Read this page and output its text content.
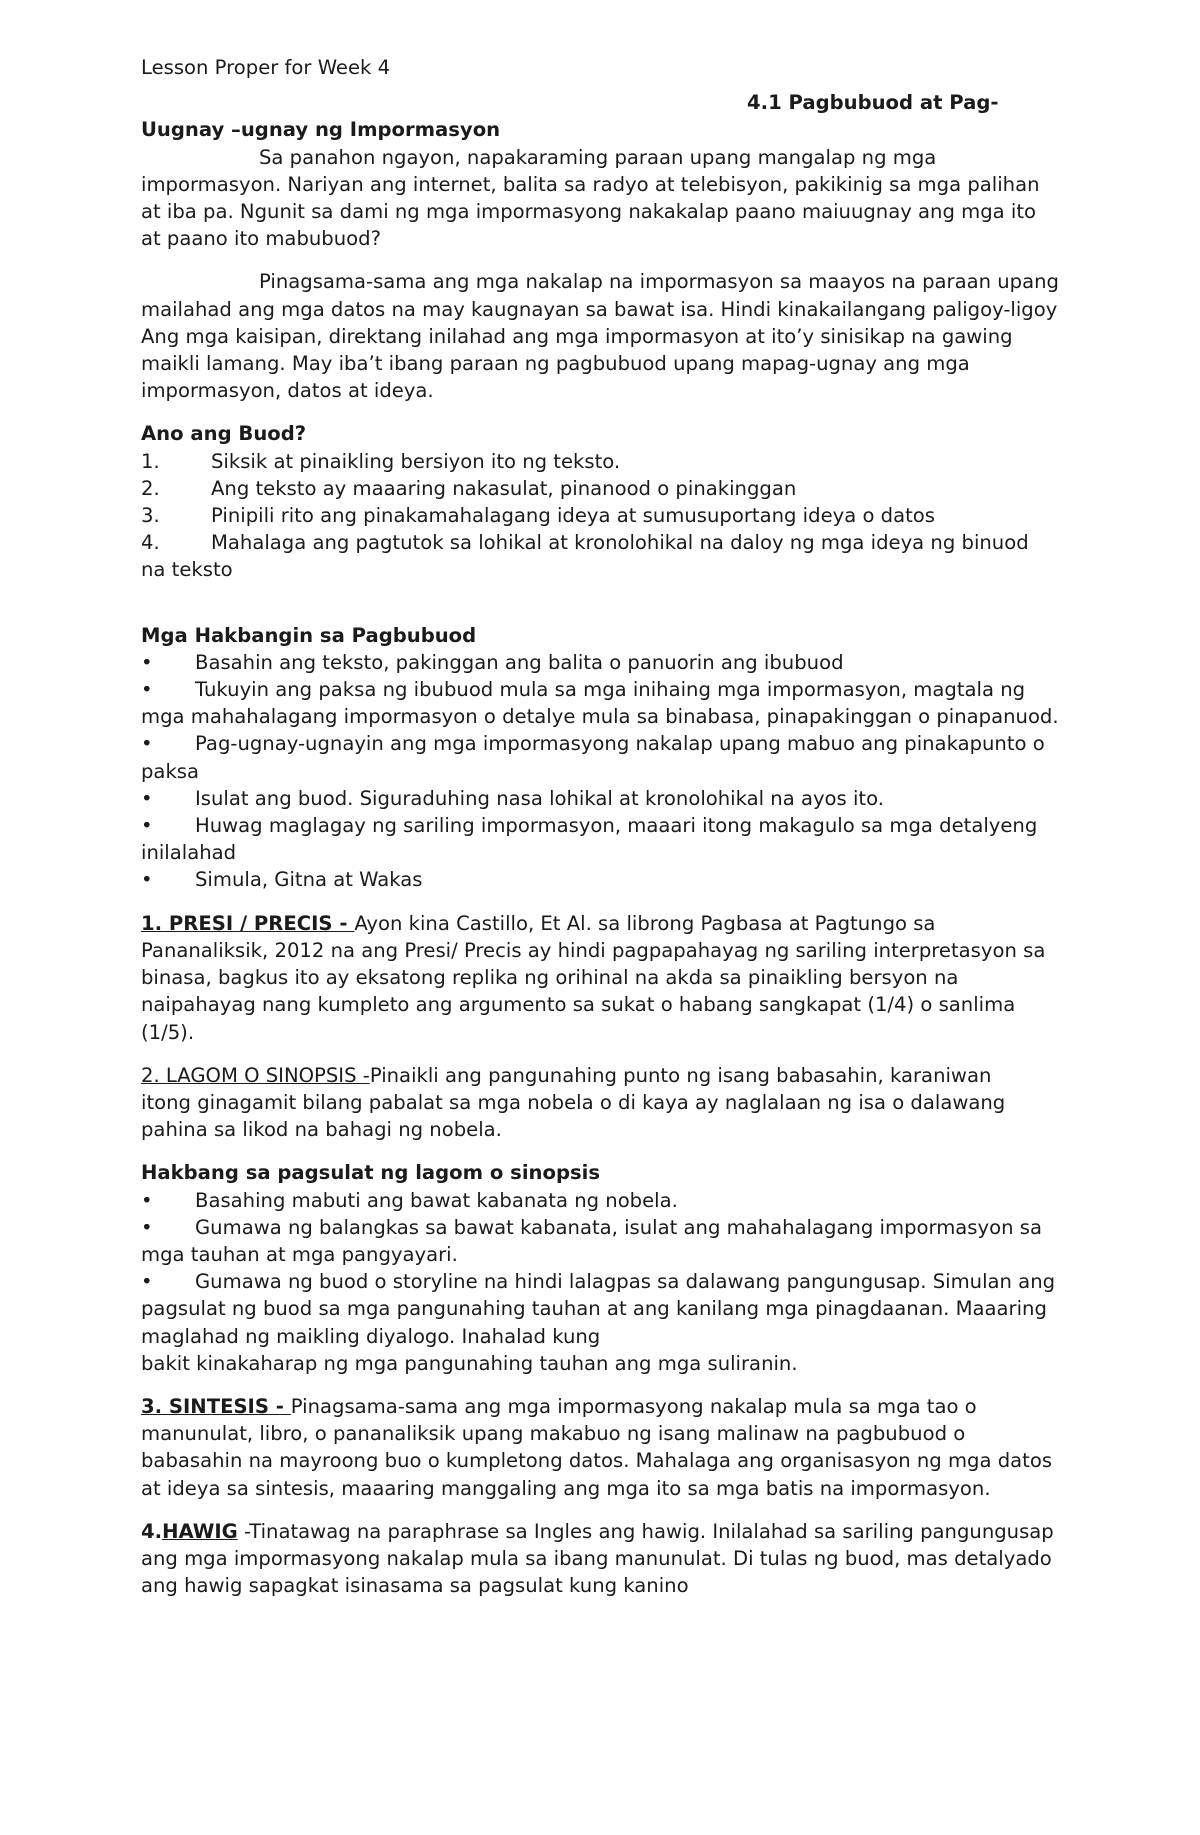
Lesson Proper for Week 4

4.1 Pagbubuod at Pag-

Uugnay –ugnay ng Impormasyon

Sa panahon ngayon, napakaraming paraan upang mangalap ng mga impormasyon. Nariyan ang internet, balita sa radyo at telebisyon, pakikinig sa mga palihan at iba pa. Ngunit sa dami ng mga impormasyong nakakalap paano maiuugnay ang mga ito at paano ito mabubuod?

Pinagsama-sama ang mga nakalap na impormasyon sa maayos na paraan upang mailahad ang mga datos na may kaugnayan sa bawat isa. Hindi kinakailangang paligoy-ligoy Ang mga kaisipan, direktang inilahad ang mga impormasyon at ito’y sinisikap na gawing maikli lamang. May iba’t ibang paraan ng pagbubuod upang mapag-ugnay ang mga impormasyon, datos at ideya.

Ano ang Buod?

1.	Siksik at pinaikling bersiyon ito ng teksto.

2.	Ang teksto ay maaaring nakasulat, pinanood o pinakinggan

3.	Pinipili rito ang pinakamahalagang ideya at sumusuportang ideya o datos

4.	Mahalaga ang pagtutok sa lohikal at kronolohikal na daloy ng mga ideya ng binuod na teksto

Mga Hakbangin sa Pagbubuod

• Basahin ang teksto, pakinggan ang balita o panuorin ang ibubuod

• Tukuyin ang paksa ng ibubuod mula sa mga inihaing mga impormasyon, magtala ng mga mahahalagang impormasyon o detalye mula sa binabasa, pinapakinggan o pinapanuod.

• Pag-ugnay-ugnayin ang mga impormasyong nakalap upang mabuo ang pinakapunto o paksa

• Isulat ang buod. Siguraduhing nasa lohikal at kronolohikal na ayos ito.

• Huwag maglagay ng sariling impormasyon, maaari itong makagulo sa mga detalyeng inilalahad

• Simula, Gitna at Wakas

1. PRESI / PRECIS - Ayon kina Castillo, Et Al. sa librong Pagbasa at Pagtungo sa Pananaliksik, 2012 na ang Presi/ Precis ay hindi pagpapahayag ng sariling interpretasyon sa binasa, bagkus ito ay eksatong replika ng orihinal na akda sa pinaikling bersyon na naipahayag nang kumpleto ang argumento sa sukat o habang sangkapat (1/4) o sanlima (1/5).

2. LAGOM O SINOPSIS -Pinaikli ang pangunahing punto ng isang babasahin, karaniwan

itong ginagamit bilang pabalat sa mga nobela o di kaya ay naglalaan ng isa o dalawang pahina sa likod na bahagi ng nobela.

Hakbang sa pagsulat ng lagom o sinopsis

• Basahing mabuti ang bawat kabanata ng nobela.

• Gumawa ng balangkas sa bawat kabanata, isulat ang mahahalagang impormasyon sa mga tauhan at mga pangyayari.

• Gumawa ng buod o storyline na hindi lalagpas sa dalawang pangungusap. Simulan ang pagsulat ng buod sa mga pangunahing tauhan at ang kanilang mga pinagdaanan. Maaaring maglahad ng maikling diyalogo. Inahalad kung

bakit kinakaharap ng mga pangunahing tauhan ang mga suliranin.

3. SINTESIS - Pinagsama-sama ang mga impormasyong nakalap mula sa mga tao o manunulat, libro, o pananaliksik upang makabuo ng isang malinaw na pagbubuod o babasahin na mayroong buo o kumpletong datos. Mahalaga ang organisasyon ng mga datos at ideya sa sintesis, maaaring manggaling ang mga ito sa mga batis na impormasyon.

4.HAWIG -Tinatawag na paraphrase sa Ingles ang hawig. Inilalahad sa sariling pangungusap ang mga impormasyong nakalap mula sa ibang manunulat. Di tulas ng buod, mas detalyado ang hawig sapagkat isinasama sa pagsulat kung kanino
